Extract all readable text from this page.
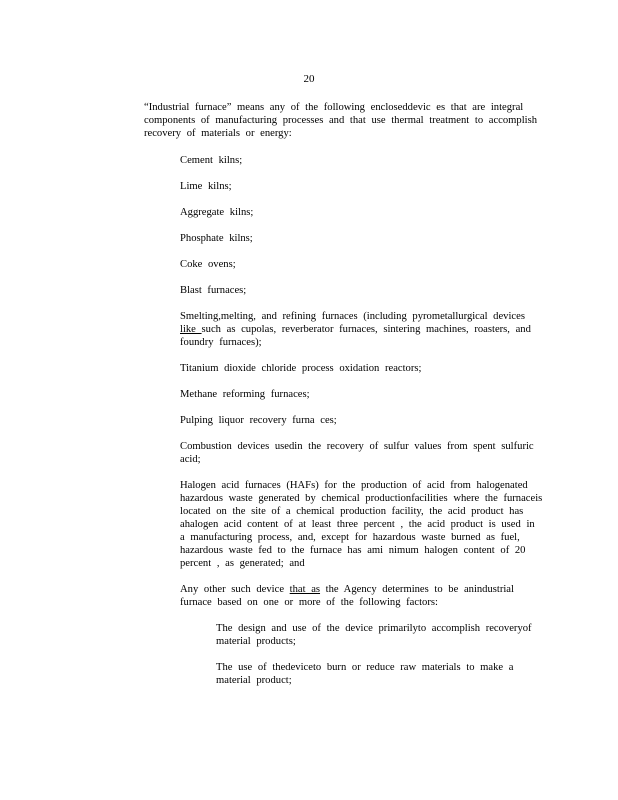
20
“Industrial furnace” means any of the following encloseddevic es that are integral components of manufacturing processes and that use thermal treatment to accomplish recovery of materials or energy:
Cement kilns;
Lime kilns;
Aggregate kilns;
Phosphate kilns;
Coke ovens;
Blast furnaces;
Smelting,melting, and refining furnaces (including pyrometallurgical devices like such as cupolas, reverberator furnaces, sintering machines, roasters, and foundry furnaces);
Titanium dioxide chloride process oxidation reactors;
Methane reforming furnaces;
Pulping liquor recovery furna ces;
Combustion devices usedin the recovery of sulfur values from spent sulfuric acid;
Halogen acid furnaces (HAFs) for the production of acid from halogenated hazardous waste generated by chemical productionfacilities where the furnaceis located on the site of a chemical production facility, the acid product has ahalogen acid content of at least three percent , the acid product is used in a manufacturing process, and, except for hazardous waste burned as fuel, hazardous waste fed to the furnace has ami nimum halogen content of 20 percent , as generated; and
Any other such device that as the Agency determines to be anindustrial furnace based on one or more of the following factors:
The design and use of the device primarilyto accomplish recoveryof material products;
The use of thedeviceto burn or reduce raw materials to make a material product;
